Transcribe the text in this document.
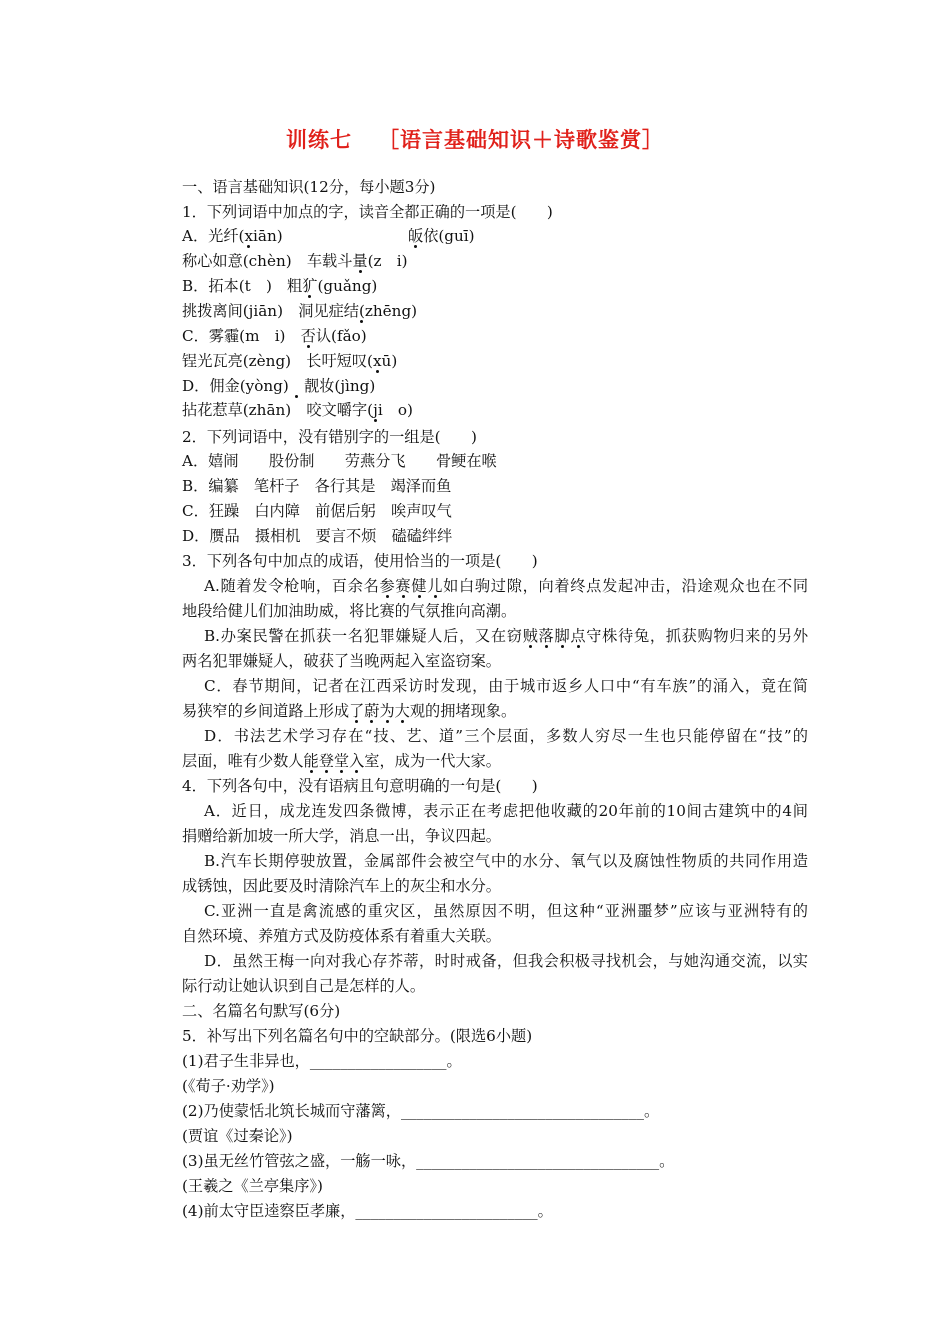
训练七 ［语言基础知识＋诗歌鉴赏］
一、语言基础知识(12分，每小题3分)
1．下列词语中加点的字，读音全都正确的一项是(　　)
A．光纤(xiān)	皈依(guī)
称心如意(chèn)　车载斗量(z　i)
B．拓本(t　)　粗犷(guǎng)
挑拨离间(jiān)　洞见症结(zhēng)
C．雾霾(m　i)　否认(fǎo)
锃光瓦亮(zèng)　长吁短叹(xū)
D．佣金(yòng)　 靓妆(jìng)
拈花惹草(zhān)　咬文嚼字(ji　o)
2．下列词语中，没有错别字的一组是(　　)
A．嬉闹　　股份制　　劳燕分飞　　骨鲠在喉
B．编纂　笔杆子　各行其是　竭泽而鱼
C．狂躁　白内障　前倨后躬　唉声叹气
D．赝品　摄相机　要言不烦　磕磕绊绊
3．下列各句中加点的成语，使用恰当的一项是(　　)
A.随着发令枪响，百余名参赛健儿如白驹过隙，向着终点发起冲击，沿途观众也在不同
地段给健儿们加油助威，将比赛的气氛推向高潮。
B.办案民警在抓获一名犯罪嫌疑人后，又在窃贼落脚点守株待兔，抓获购物归来的另外
两名犯罪嫌疑人，破获了当晚两起入室盗窃案。
C．春节期间，记者在江西采访时发现，由于城市返乡人口中“有车族”的涌入，竟在简
易狭窄的乡间道路上形成了蔚为大观的拥堵现象。
D．书法艺术学习存在“技、艺、道”三个层面，多数人穷尽一生也只能停留在“技”的
层面，唯有少数人能登堂入室，成为一代大家。
4．下列各句中，没有语病且句意明确的一句是(　　)
A．近日，成龙连发四条微博，表示正在考虑把他收藏的20年前的10间古建筑中的4间
捐赠给新加坡一所大学，消息一出，争议四起。
B.汽车长期停驶放置，金属部件会被空气中的水分、氧气以及腐蚀性物质的共同作用造
成锈蚀，因此要及时清除汽车上的灰尘和水分。
C.亚洲一直是禽流感的重灾区，虽然原因不明，但这种“亚洲噩梦”应该与亚洲特有的
自然环境、养殖方式及防疫体系有着重大关联。
D．虽然王梅一向对我心存芥蒂，时时戒备，但我会积极寻找机会，与她沟通交流，以实
际行动让她认识到自己是怎样的人。
二、名篇名句默写(6分)
5．补写出下列名篇名句中的空缺部分。(限选6小题)
(1)君子生非异也，__________________。
(《荀子·劝学》)
(2)乃使蒙恬北筑长城而守藩篱，________________________________。
(贾谊《过秦论》)
(3)虽无丝竹管弦之盛，一觞一咏，________________________________。
(王羲之《兰亭集序》)
(4)前太守臣逵察臣孝廉，________________________。
